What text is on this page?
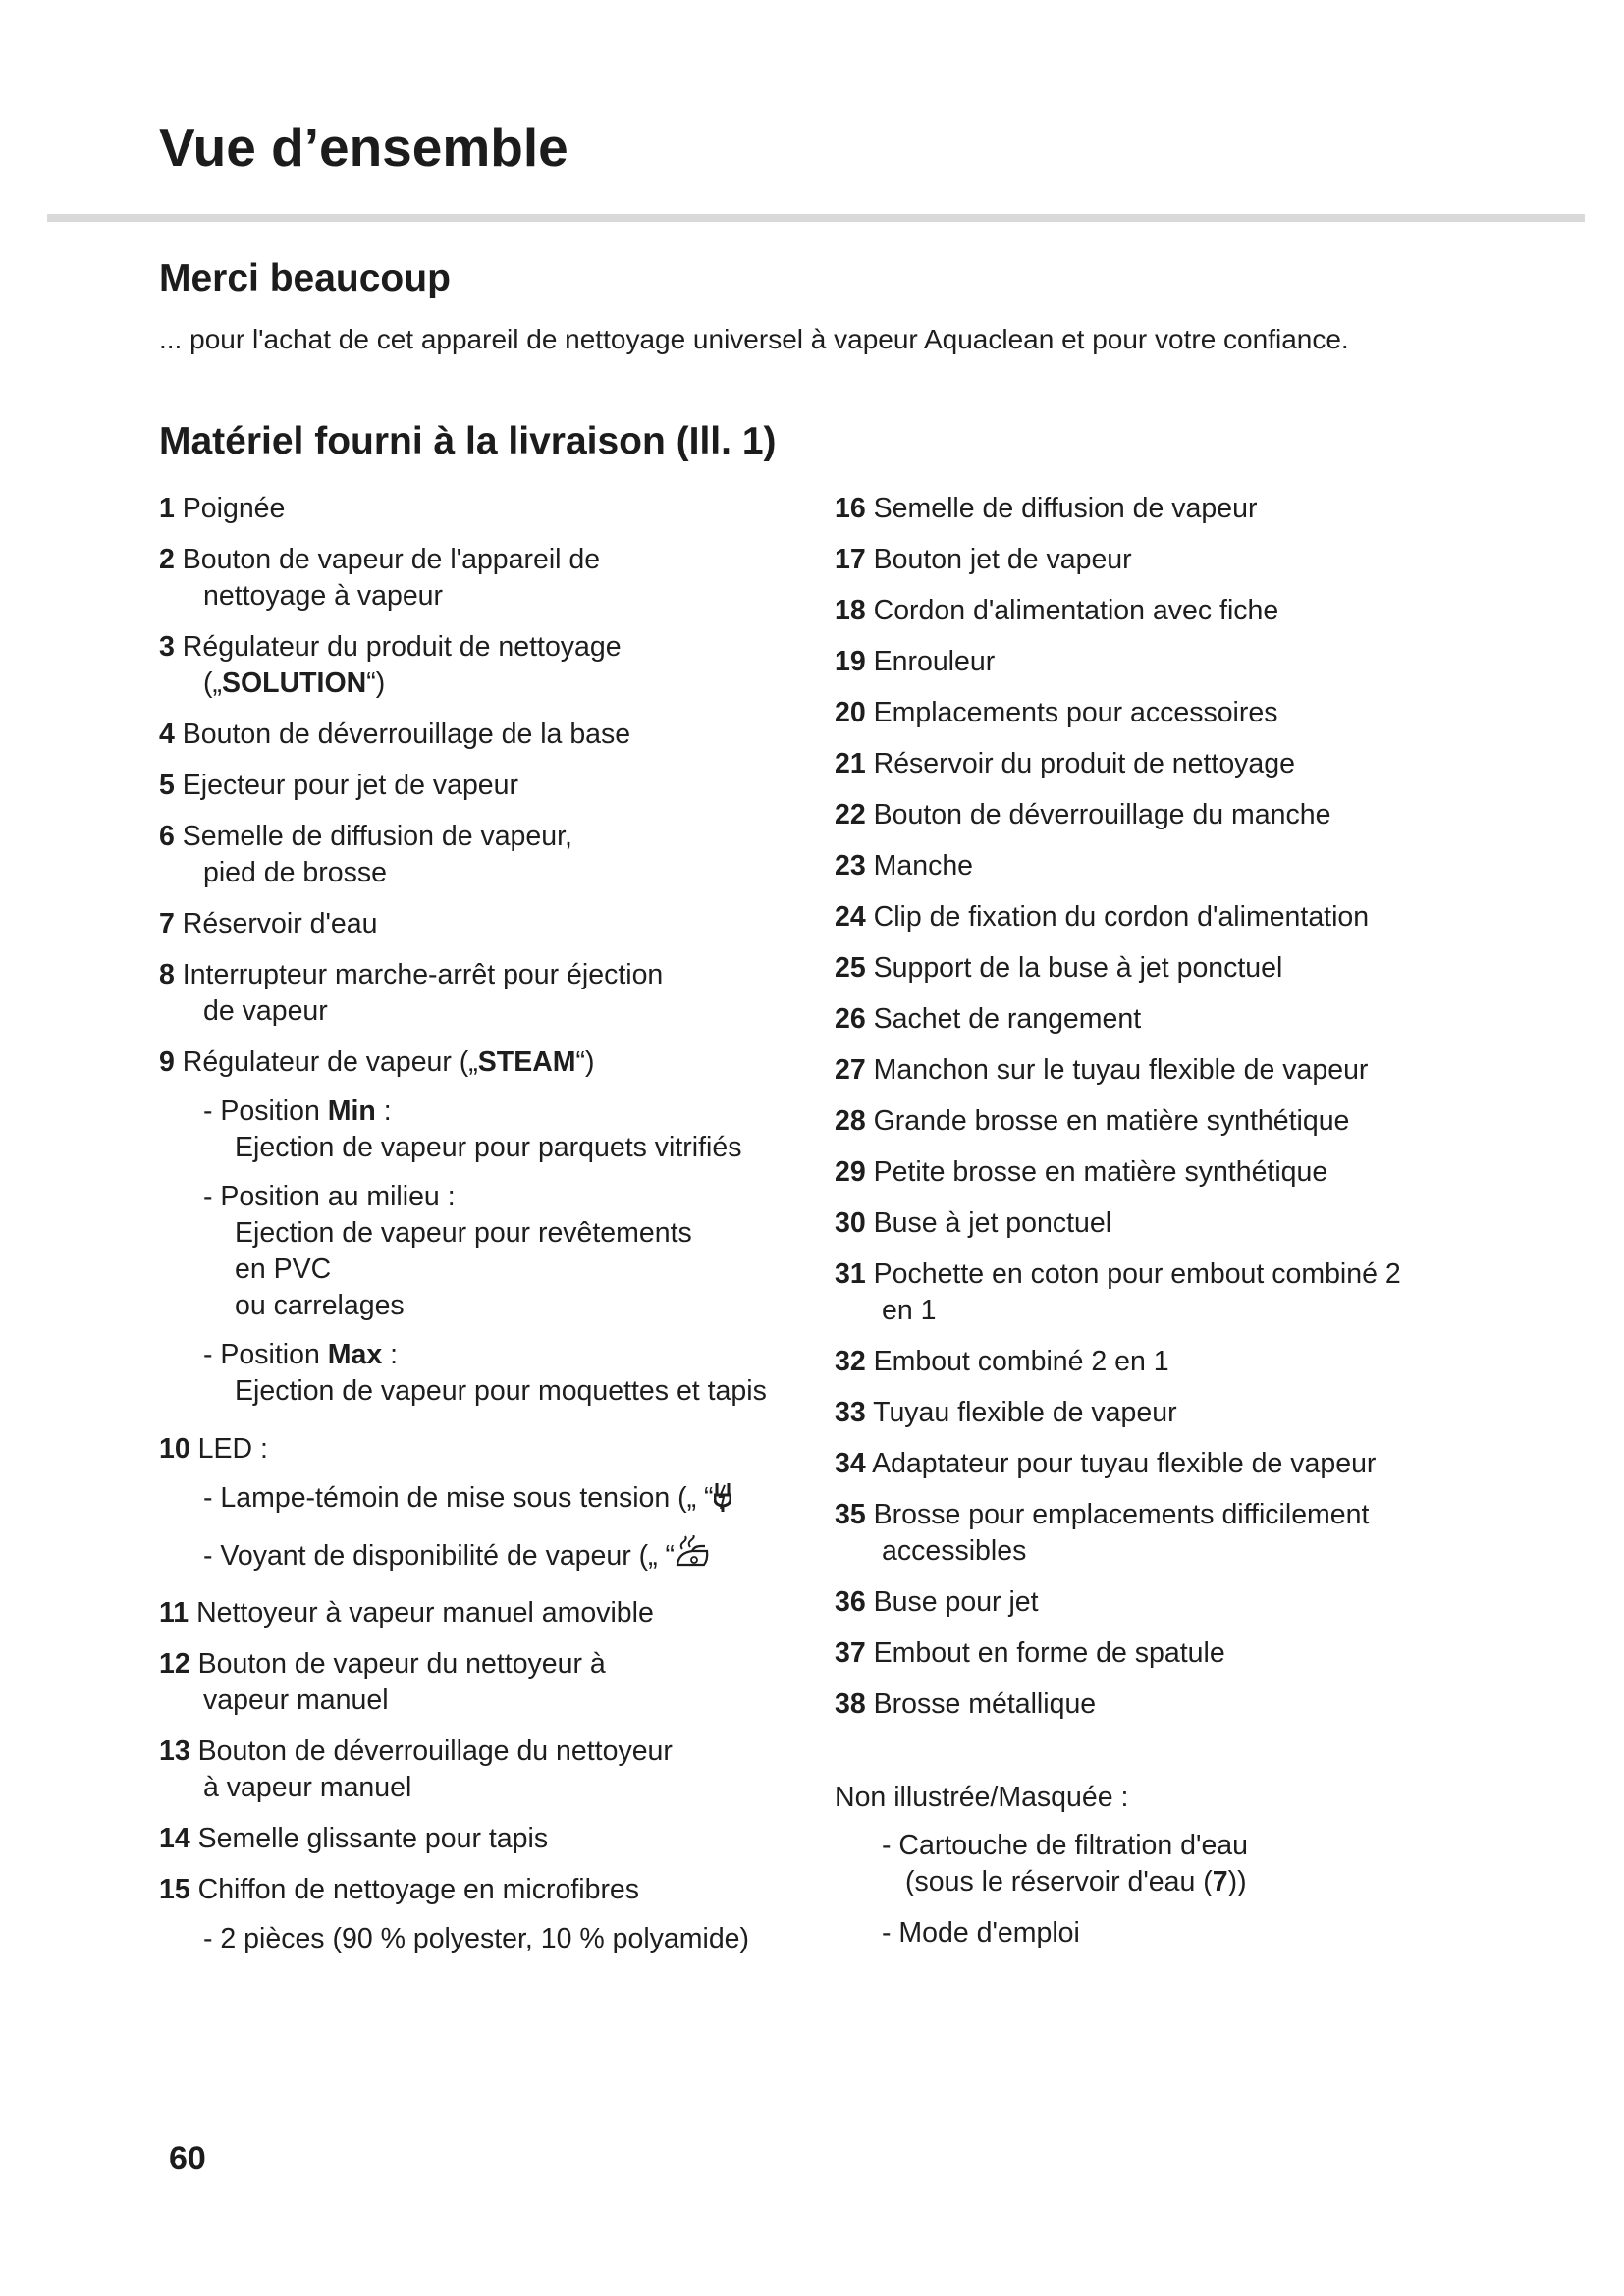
Vue d’ensemble
Merci beaucoup

... pour l'achat de cet appareil de nettoyage universel à vapeur Aquaclean et pour votre confiance.

Matériel fourni à la livraison (Ill. 1)
1 Poignée
2 Bouton de vapeur de l'appareil de
nettoyage à vapeur
3 Régulateur du produit de nettoyage
(„SOLUTION“)
4 Bouton de déverrouillage de la base
5 Ejecteur pour jet de vapeur
6 Semelle de diffusion de vapeur,
pied de brosse
7 Réservoir d'eau
8 Interrupteur marche-arrêt pour éjection
de vapeur
9 Régulateur de vapeur („STEAM“)
- Position Min :
Ejection de vapeur pour parquets vitrifiés
- Position au milieu :
Ejection de vapeur pour revêtements
en PVC
ou carrelages
- Position Max :
Ejection de vapeur pour moquettes et tapis
10 LED :
- Lampe-témoin de mise sous tension („ “
- Voyant de disponibilité de vapeur („ “
11 Nettoyeur à vapeur manuel amovible
12 Bouton de vapeur du nettoyeur à
vapeur manuel
13 Bouton de déverrouillage du nettoyeur
à vapeur manuel
14 Semelle glissante pour tapis
15 Chiffon de nettoyage en microfibres
- 2 pièces (90 % polyester, 10 % polyamide)
16 Semelle de diffusion de vapeur
17 Bouton jet de vapeur
18 Cordon d'alimentation avec fiche
19 Enrouleur
20 Emplacements pour accessoires
21 Réservoir du produit de nettoyage
22 Bouton de déverrouillage du manche
23 Manche
24 Clip de fixation du cordon d'alimentation
25 Support de la buse à jet ponctuel
26 Sachet de rangement
27 Manchon sur le tuyau flexible de vapeur
28 Grande brosse en matière synthétique
29 Petite brosse en matière synthétique
30 Buse à jet ponctuel
31 Pochette en coton pour embout combiné 2
en 1
32 Embout combiné 2 en 1
33 Tuyau flexible de vapeur
34 Adaptateur pour tuyau flexible de vapeur
35 Brosse pour emplacements difficilement
accessibles
36 Buse pour jet
37 Embout en forme de spatule
38 Brosse métallique
Non illustrée/Masquée :
- Cartouche de filtration d'eau
(sous le réservoir d'eau (7))
- Mode d'emploi
60
